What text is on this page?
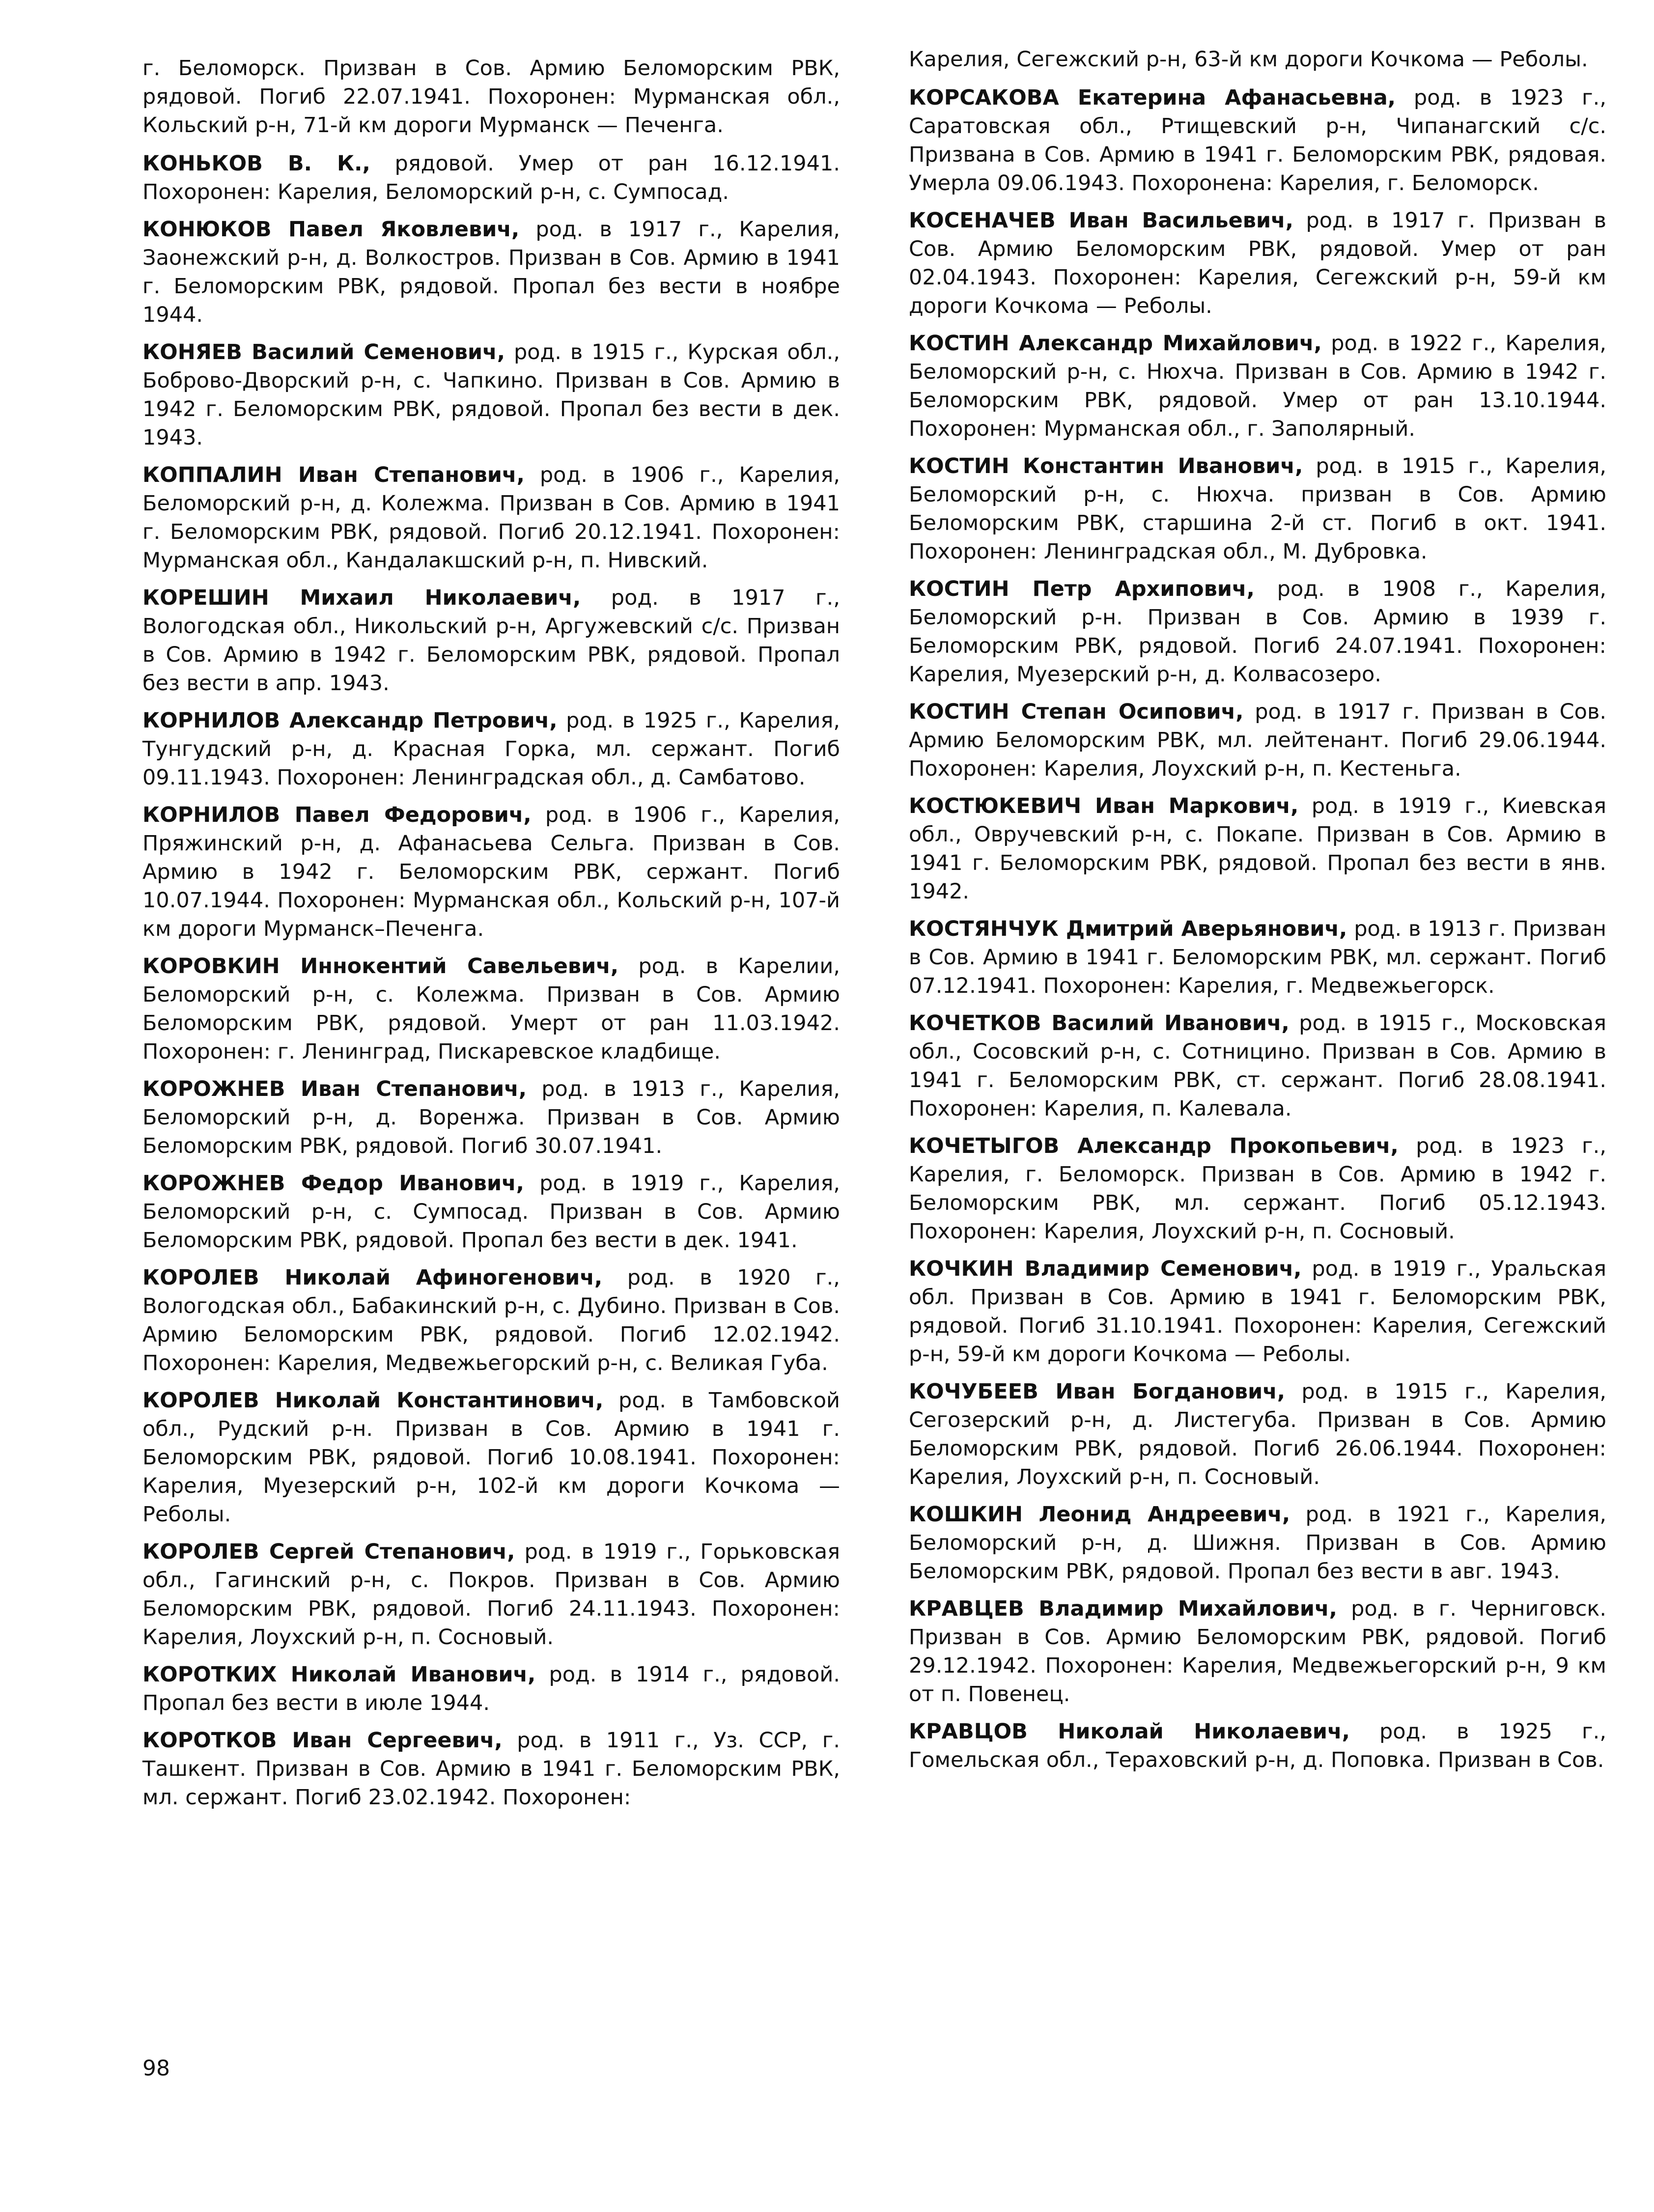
г. Беломорск. Призван в Сов. Армию Беломорским РВК, рядовой. Погиб 22.07.1941. Похоронен: Мурманская обл., Кольский р-н, 71-й км дороги Мурманск — Печенга.

КОНЬКОВ В. К., рядовой. Умер от ран 16.12.1941. Похоронен: Карелия, Беломорский р-н, с. Сумпосад.

КОНЮКОВ Павел Яковлевич, род. в 1917 г., Карелия, Заонежский р-н, д. Волкостров. Призван в Сов. Армию в 1941 г. Беломорским РВК, рядовой. Пропал без вести в ноябре 1944.

КОНЯЕВ Василий Семенович, род. в 1915 г., Курская обл., Боброво-Дворский р-н, с. Чапкино. Призван в Сов. Армию в 1942 г. Беломорским РВК, рядовой. Пропал без вести в дек. 1943.

КОППАЛИН Иван Степанович, род. в 1906 г., Карелия, Беломорский р-н, д. Колежма. Призван в Сов. Армию в 1941 г. Беломорским РВК, рядовой. Погиб 20.12.1941. Похоронен: Мурманская обл., Кандалакшский р-н, п. Нивский.

КОРЕШИН Михаил Николаевич, род. в 1917 г., Вологодская обл., Никольский р-н, Аргужевский с/с. Призван в Сов. Армию в 1942 г. Беломорским РВК, рядовой. Пропал без вести в апр. 1943.

КОРНИЛОВ Александр Петрович, род. в 1925 г., Карелия, Тунгудский р-н, д. Красная Горка, мл. сержант. Погиб 09.11.1943. Похоронен: Ленинградская обл., д. Самбатово.

КОРНИЛОВ Павел Федорович, род. в 1906 г., Карелия, Пряжинский р-н, д. Афанасьева Сельга. Призван в Сов. Армию в 1942 г. Беломорским РВК, сержант. Погиб 10.07.1944. Похоронен: Мурманская обл., Кольский р-н, 107-й км дороги Мурманск–Печенга.

КОРОВКИН Иннокентий Савельевич, род. в Карелии, Беломорский р-н, с. Колежма. Призван в Сов. Армию Беломорским РВК, рядовой. Умерт от ран 11.03.1942. Похоронен: г. Ленинград, Пискаревское кладбище.

КОРОЖНЕВ Иван Степанович, род. в 1913 г., Карелия, Беломорский р-н, д. Воренжа. Призван в Сов. Армию Беломорским РВК, рядовой. Погиб 30.07.1941.

КОРОЖНЕВ Федор Иванович, род. в 1919 г., Карелия, Беломорский р-н, с. Сумпосад. Призван в Сов. Армию Беломорским РВК, рядовой. Пропал без вести в дек. 1941.

КОРОЛЕВ Николай Афиногенович, род. в 1920 г., Вологодская обл., Бабакинский р-н, с. Дубино. Призван в Сов. Армию Беломорским РВК, рядовой. Погиб 12.02.1942. Похоронен: Карелия, Медвежьегорский р-н, с. Великая Губа.

КОРОЛЕВ Николай Константинович, род. в Тамбовской обл., Рудский р-н. Призван в Сов. Армию в 1941 г. Беломорским РВК, рядовой. Погиб 10.08.1941. Похоронен: Карелия, Муезерский р-н, 102-й км дороги Кочкома — Реболы.

КОРОЛЕВ Сергей Степанович, род. в 1919 г., Горьковская обл., Гагинский р-н, с. Покров. Призван в Сов. Армию Беломорским РВК, рядовой. Погиб 24.11.1943. Похоронен: Карелия, Лоухский р-н, п. Сосновый.

КОРОТКИХ Николай Иванович, род. в 1914 г., рядовой. Пропал без вести в июле 1944.

КОРОТКОВ Иван Сергеевич, род. в 1911 г., Уз. ССР, г. Ташкент. Призван в Сов. Армию в 1941 г. Беломорским РВК, мл. сержант. Погиб 23.02.1942. Похоронен:

Карелия, Сегежский р-н, 63-й км дороги Кочкома — Реболы.

КОРСАКОВА Екатерина Афанасьевна, род. в 1923 г., Саратовская обл., Ртищевский р-н, Чипанагский с/с. Призвана в Сов. Армию в 1941 г. Беломорским РВК, рядовая. Умерла 09.06.1943. Похоронена: Карелия, г. Беломорск.

КОСЕНАЧЕВ Иван Васильевич, род. в 1917 г. Призван в Сов. Армию Беломорским РВК, рядовой. Умер от ран 02.04.1943. Похоронен: Карелия, Сегежский р-н, 59-й км дороги Кочкома — Реболы.

КОСТИН Александр Михайлович, род. в 1922 г., Карелия, Беломорский р-н, с. Нюхча. Призван в Сов. Армию в 1942 г. Беломорским РВК, рядовой. Умер от ран 13.10.1944. Похоронен: Мурманская обл., г. Заполярный.

КОСТИН Константин Иванович, род. в 1915 г., Карелия, Беломорский р-н, с. Нюхча. призван в Сов. Армию Беломорским РВК, старшина 2-й ст. Погиб в окт. 1941. Похоронен: Ленинградская обл., М. Дубровка.

КОСТИН Петр Архипович, род. в 1908 г., Карелия, Беломорский р-н. Призван в Сов. Армию в 1939 г. Беломорским РВК, рядовой. Погиб 24.07.1941. Похоронен: Карелия, Муезерский р-н, д. Колвасозеро.

КОСТИН Степан Осипович, род. в 1917 г. Призван в Сов. Армию Беломорским РВК, мл. лейтенант. Погиб 29.06.1944. Похоронен: Карелия, Лоухский р-н, п. Кестеньга.

КОСТЮКЕВИЧ Иван Маркович, род. в 1919 г., Киевская обл., Овручевский р-н, с. Покапе. Призван в Сов. Армию в 1941 г. Беломорским РВК, рядовой. Пропал без вести в янв. 1942.

КОСТЯНЧУК Дмитрий Аверьянович, род. в 1913 г. Призван в Сов. Армию в 1941 г. Беломорским РВК, мл. сержант. Погиб 07.12.1941. Похоронен: Карелия, г. Медвежьегорск.

КОЧЕТКОВ Василий Иванович, род. в 1915 г., Московская обл., Сосовский р-н, с. Сотницино. Призван в Сов. Армию в 1941 г. Беломорским РВК, ст. сержант. Погиб 28.08.1941. Похоронен: Карелия, п. Калевала.

КОЧЕТЫГОВ Александр Прокопьевич, род. в 1923 г., Карелия, г. Беломорск. Призван в Сов. Армию в 1942 г. Беломорским РВК, мл. сержант. Погиб 05.12.1943. Похоронен: Карелия, Лоухский р-н, п. Сосновый.

КОЧКИН Владимир Семенович, род. в 1919 г., Уральская обл. Призван в Сов. Армию в 1941 г. Беломорским РВК, рядовой. Погиб 31.10.1941. Похоронен: Карелия, Сегежский р-н, 59-й км дороги Кочкома — Реболы.

КОЧУБЕЕВ Иван Богданович, род. в 1915 г., Карелия, Сегозерский р-н, д. Листегуба. Призван в Сов. Армию Беломорским РВК, рядовой. Погиб 26.06.1944. Похоронен: Карелия, Лоухский р-н, п. Сосновый.

КОШКИН Леонид Андреевич, род. в 1921 г., Карелия, Беломорский р-н, д. Шижня. Призван в Сов. Армию Беломорским РВК, рядовой. Пропал без вести в авг. 1943.

КРАВЦЕВ Владимир Михайлович, род. в г. Черниговск. Призван в Сов. Армию Беломорским РВК, рядовой. Погиб 29.12.1942. Похоронен: Карелия, Медвежьегорский р-н, 9 км от п. Повенец.

КРАВЦОВ Николай Николаевич, род. в 1925 г., Гомельская обл., Тераховский р-н, д. Поповка. Призван в Сов.

98
